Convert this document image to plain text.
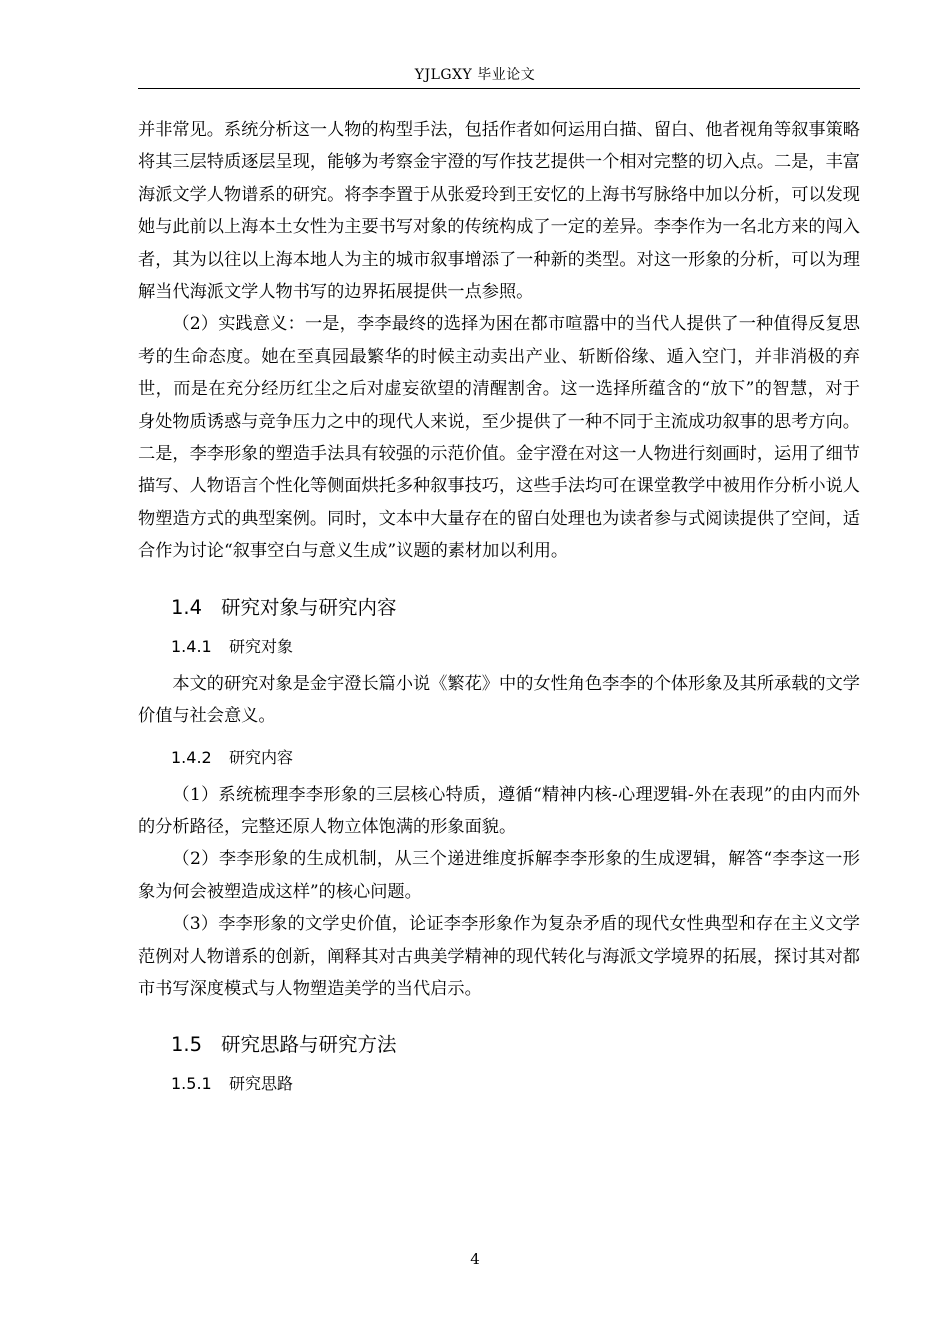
YJLGXY 毕业论文

并非常见。系统分析这一人物的构型手法，包括作者如何运用白描、留白、他者视角等叙事策略将其三层特质逐层呈现，能够为考察金宇澄的写作技艺提供一个相对完整的切入点。二是，丰富海派文学人物谱系的研究。将李李置于从张爱玲到王安忆的上海书写脉络中加以分析，可以发现她与此前以上海本土女性为主要书写对象的传统构成了一定的差异。李李作为一名北方来的闯入者，其为以往以上海本地人为主的城市叙事增添了一种新的类型。对这一形象的分析，可以为理解当代海派文学人物书写的边界拓展提供一点参照。

（2）实践意义：一是，李李最终的选择为困在都市喧嚣中的当代人提供了一种值得反复思考的生命态度。她在至真园最繁华的时候主动卖出产业、斩断俗缘、遁入空门，并非消极的弃世，而是在充分经历红尘之后对虚妄欲望的清醒割舍。这一选择所蕴含的“放下”的智慧，对于身处物质诱惑与竞争压力之中的现代人来说，至少提供了一种不同于主流成功叙事的思考方向。二是，李李形象的塑造手法具有较强的示范价值。金宇澄在对这一人物进行刻画时，运用了细节描写、人物语言个性化等侧面烘托多种叙事技巧，这些手法均可在课堂教学中被用作分析小说人物塑造方式的典型案例。同时，文本中大量存在的留白处理也为读者参与式阅读提供了空间，适合作为讨论“叙事空白与意义生成”议题的素材加以利用。

1.4 研究对象与研究内容
1.4.1 研究对象

本文的研究对象是金宇澄长篇小说《繁花》中的女性角色李李的个体形象及其所承载的文学价值与社会意义。

1.4.2 研究内容

（1）系统梳理李李形象的三层核心特质，遵循“精神内核-心理逻辑-外在表现”的由内而外的分析路径，完整还原人物立体饱满的形象面貌。

（2）李李形象的生成机制，从三个递进维度拆解李李形象的生成逻辑，解答“李李这一形象为何会被塑造成这样”的核心问题。

（3）李李形象的文学史价值，论证李李形象作为复杂矛盾的现代女性典型和存在主义文学范例对人物谱系的创新，阐释其对古典美学精神的现代转化与海派文学境界的拓展，探讨其对都市书写深度模式与人物塑造美学的当代启示。

1.5 研究思路与研究方法
1.5.1 研究思路
4
